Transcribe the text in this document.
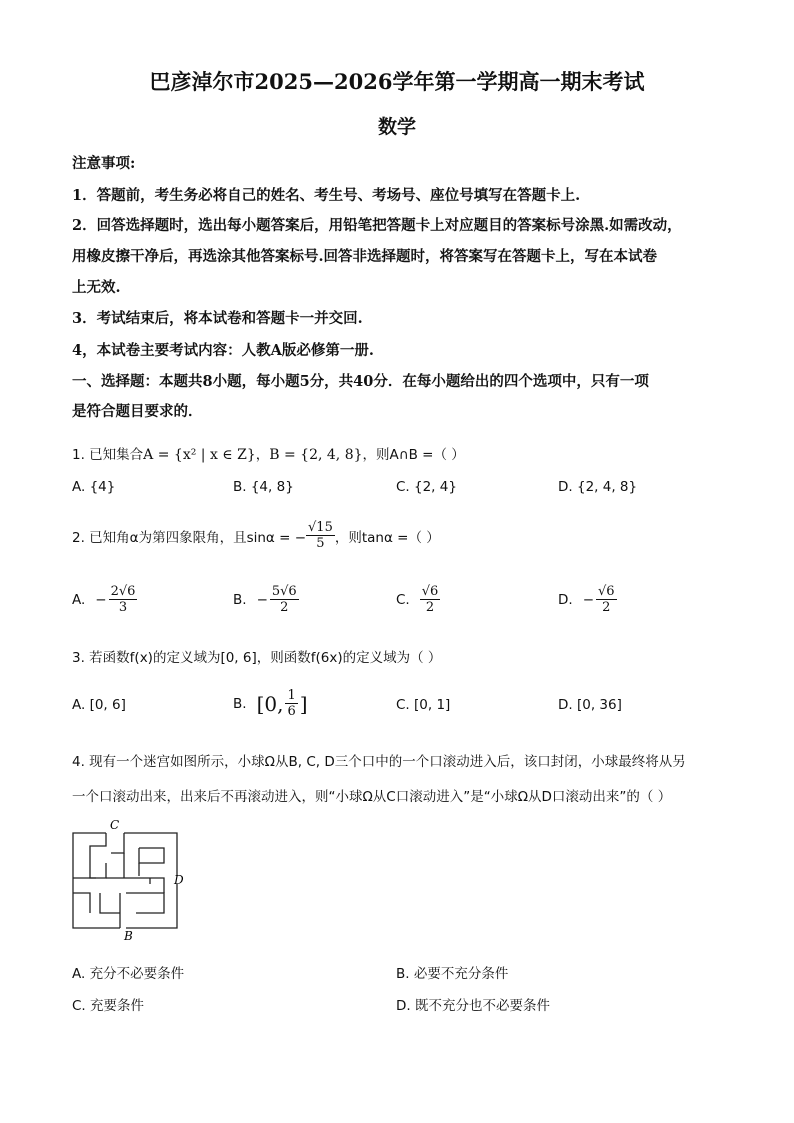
巴彦淖尔市2025—2026学年第一学期高一期末考试
数学
注意事项:
1．答题前，考生务必将自己的姓名、考生号、考场号、座位号填写在答题卡上.
2．回答选择题时，选出每小题答案后，用铅笔把答题卡上对应题目的答案标号涂黑.如需改动，
用橡皮擦干净后，再选涂其他答案标号.回答非选择题时，将答案写在答题卡上，写在本试卷
上无效.
3．考试结束后，将本试卷和答题卡一并交回.
4，本试卷主要考试内容：人教A版必修第一册.
一、选择题：本题共8小题，每小题5分，共40分．在每小题给出的四个选项中，只有一项
是符合题目要求的．
1. 已知集合A = {x² | x ∈ Z}，B = {2, 4, 8}，则A∩B =（ ）
A. {4}	B. {4, 8}	C. {2, 4}	D. {2, 4, 8}
2. 已知角α为第四象限角，且sinα = − $\frac{√15}{5}$ ，则tanα =（ ）
A. − $\frac{2√6}{3}$	B. − $\frac{5√6}{2}$	C. $\frac{√6}{2}$	D. − $\frac{√6}{2}$
3. 若函数f(x)的定义域为[0, 6]，则函数f(6x)的定义域为（ ）
A. [0, 6]	B. [0, $\frac{1}{6}$ ]	C. [0, 1]	D. [0, 36]
4. 现有一个迷宫如图所示，小球Ω从B, C, D三个口中的一个口滚动进入后，该口封闭，小球最终将从另
一个口滚动出来，出来后不再滚动进入，则“小球Ω从C口滚动进入”是“小球Ω从D口滚动出来”的（ ）
C
D
B
A. 充分不必要条件	B. 必要不充分条件
C. 充要条件	D. 既不充分也不必要条件
